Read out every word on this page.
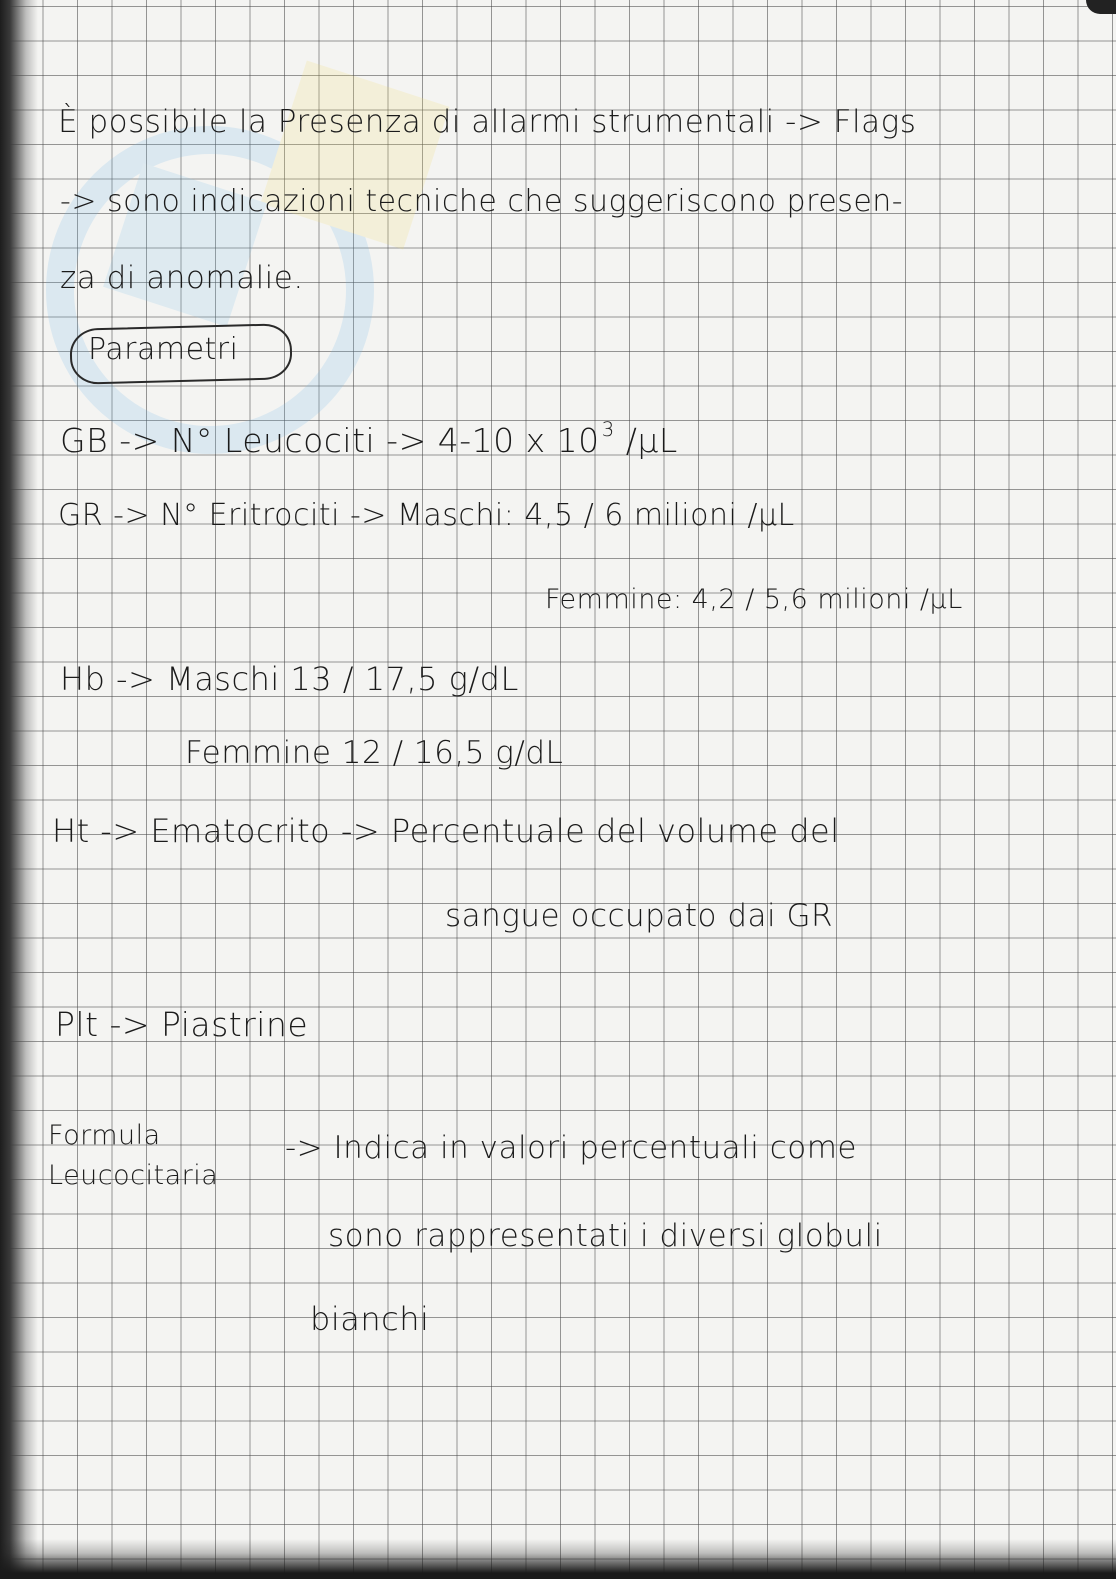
È possibile la Presenza di allarmi strumentali -> Flags

-> sono indicazioni tecniche che suggeriscono presen-

za di anomalie.

Parametri

GB -> N° Leucociti -> 4-10 x 10 $^3$ /µL

GR -> N° Eritrociti -> Maschi: 4,5 / 6 milioni /µL

Femmine: 4,2 / 5,6 milioni /µL

Hb -> Maschi 13 / 17,5 g/dL

Femmine 12 / 16,5 g/dL

Ht -> Ematocrito -> Percentuale del volume del

sangue occupato dai GR

Plt -> Piastrine

Formula

Leucocitaria

-> Indica in valori percentuali come

sono rappresentati i diversi globuli

bianchi
